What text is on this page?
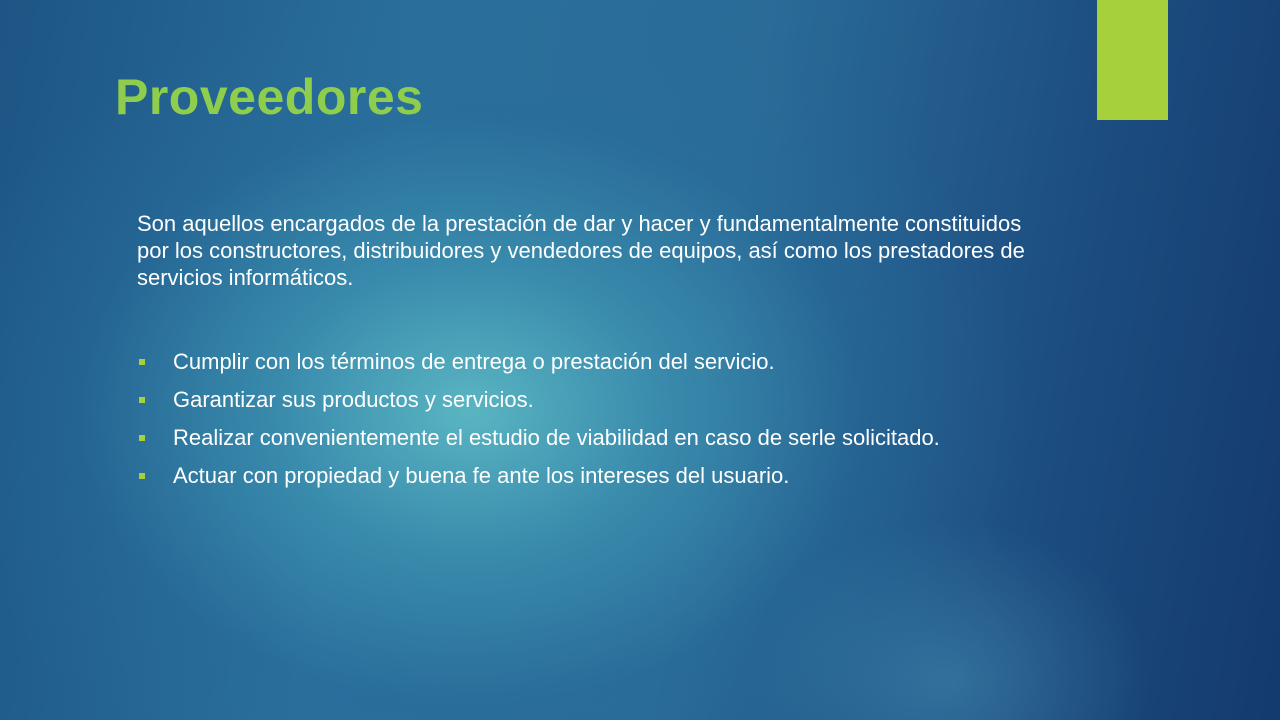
Proveedores

Son aquellos encargados de la prestación de dar y hacer y fundamentalmente constituidos por los constructores, distribuidores y vendedores de equipos, así como los prestadores de servicios informáticos.

Cumplir con los términos de entrega o prestación del servicio.
Garantizar sus productos y servicios.
Realizar convenientemente el estudio de viabilidad en caso de serle solicitado.
Actuar con propiedad y buena fe ante los intereses del usuario.
